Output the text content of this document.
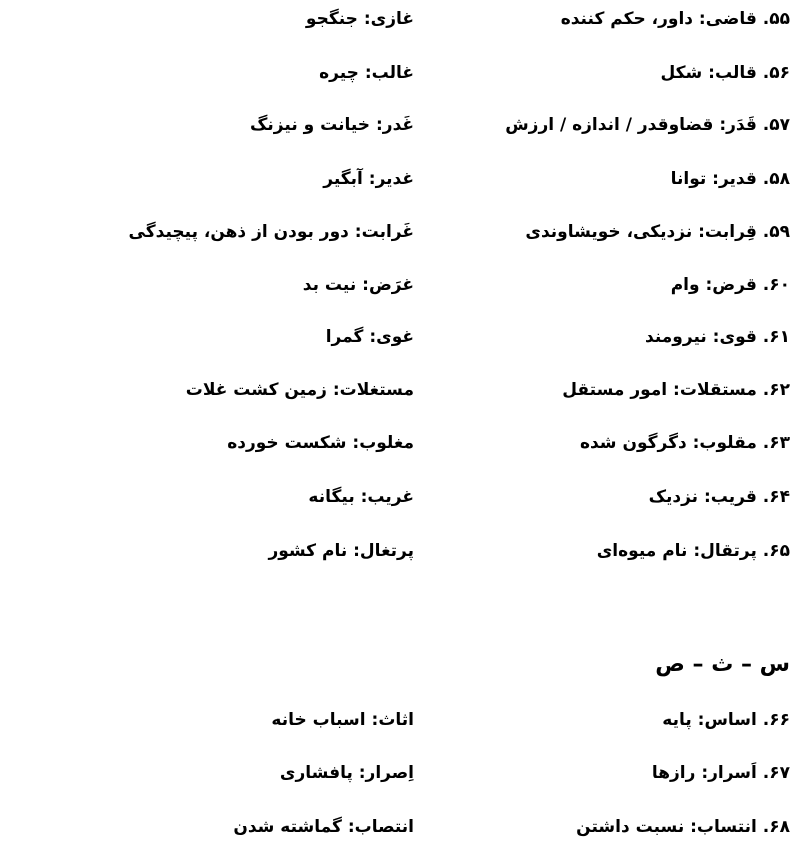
۵۵. قاضی: داور، حکم کننده
غازی: جنگجو
۵۶. قالب: شکل
غالب: چیره
۵۷. قَدَر: قضاوقدر / اندازه / ارزش
غَدر: خیانت و نیزنگ
۵۸. قدیر: توانا
غدیر: آبگیر
۵۹. قِرابت: نزدیکی، خویشاوندی
غَرابت: دور بودن از ذهن، پیچیدگی
۶۰. قرض: وام
غرَض: نیت بد
۶۱. قوی: نیرومند
غوی: گمرا
۶۲. مستقلات: امور مستقل
مستغلات: زمین کشت غلات
۶۳. مقلوب: دگرگون شده
مغلوب: شکست خورده
۶۴. قریب: نزدیک
غریب: بیگانه
۶۵. پرتقال: نام میوه‌ای
پرتغال: نام کشور
س – ث – ص
۶۶. اساس: پایه
اثاث: اسباب خانه
۶۷. اَسرار: رازها
اِصرار: پافشاری
۶۸. انتساب: نسبت داشتن
انتصاب: گماشته شدن
